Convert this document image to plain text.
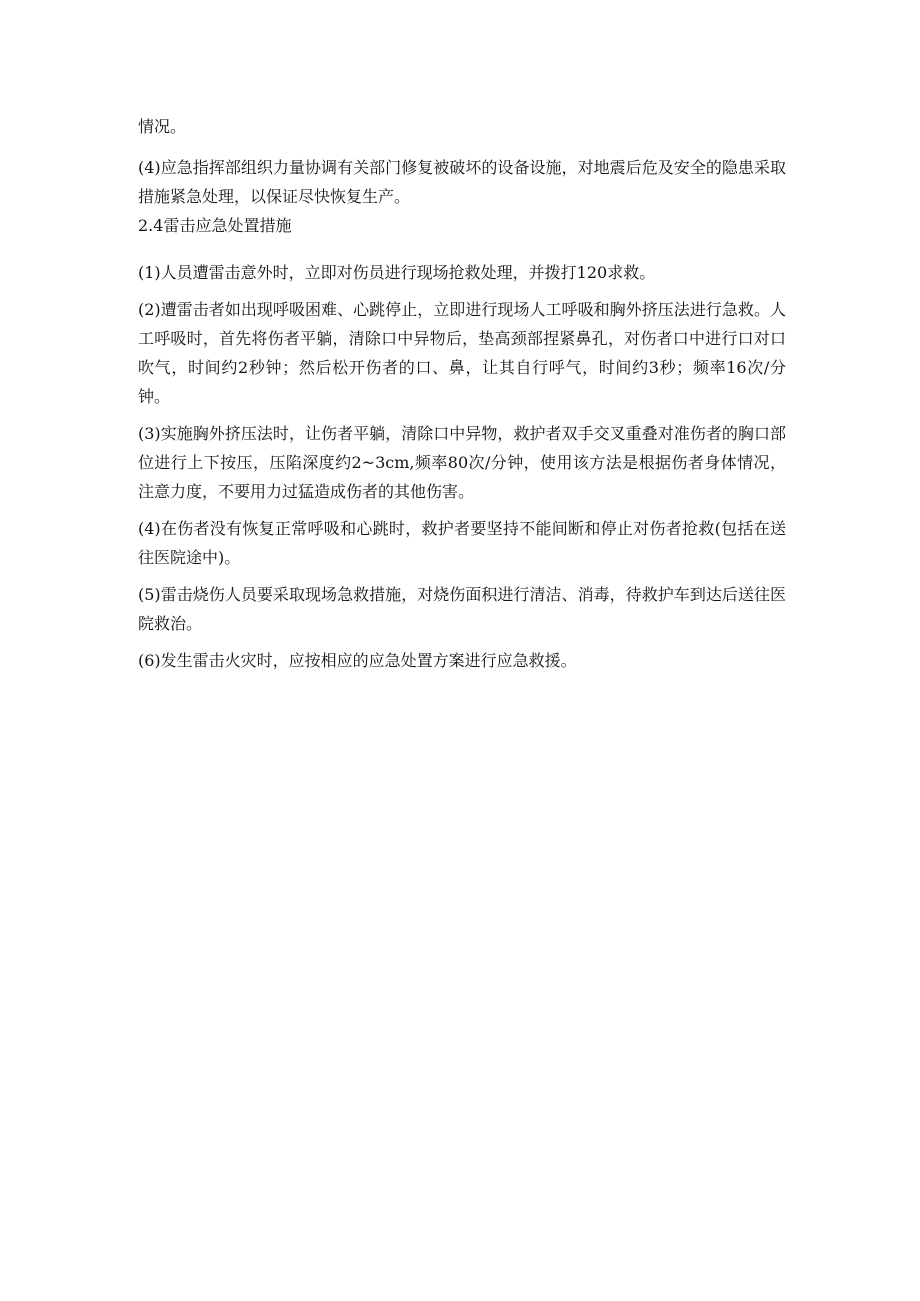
情况。

(4)应急指挥部组织力量协调有关部门修复被破坏的设备设施，对地震后危及安全的隐患采取措施紧急处理，以保证尽快恢复生产。

2.4雷击应急处置措施

(1)人员遭雷击意外时，立即对伤员进行现场抢救处理，并拨打120求救。

(2)遭雷击者如出现呼吸困难、心跳停止，立即进行现场人工呼吸和胸外挤压法进行急救。人工呼吸时，首先将伤者平躺，清除口中异物后，垫高颈部捏紧鼻孔，对伤者口中进行口对口吹气，时间约2秒钟；然后松开伤者的口、鼻，让其自行呼气，时间约3秒；频率16次/分钟。

(3)实施胸外挤压法时，让伤者平躺，清除口中异物，救护者双手交叉重叠对准伤者的胸口部位进行上下按压，压陷深度约2~3cm,频率80次/分钟，使用该方法是根据伤者身体情况，注意力度，不要用力过猛造成伤者的其他伤害。

(4)在伤者没有恢复正常呼吸和心跳时，救护者要坚持不能间断和停止对伤者抢救(包括在送往医院途中)。

(5)雷击烧伤人员要采取现场急救措施，对烧伤面积进行清洁、消毒，待救护车到达后送往医院救治。

(6)发生雷击火灾时，应按相应的应急处置方案进行应急救援。
